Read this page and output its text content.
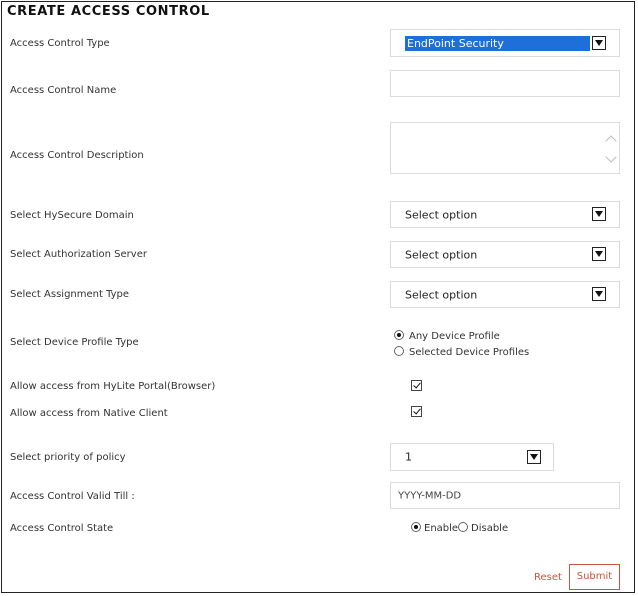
CREATE ACCESS CONTROL
Access Control Type	EndPoint Security
Access Control Name
Access Control Description
Select HySecure Domain	Select option
Select Authorization Server	Select option
Select Assignment Type	Select option
Select Device Profile Type
Any Device Profile
Selected Device Profiles
Allow access from HyLite Portal(Browser)
Allow access from Native Client
Select priority of policy	1
Access Control Valid Till :	YYYY-MM-DD
Access Control State	Enable Disable
Reset	Submit
